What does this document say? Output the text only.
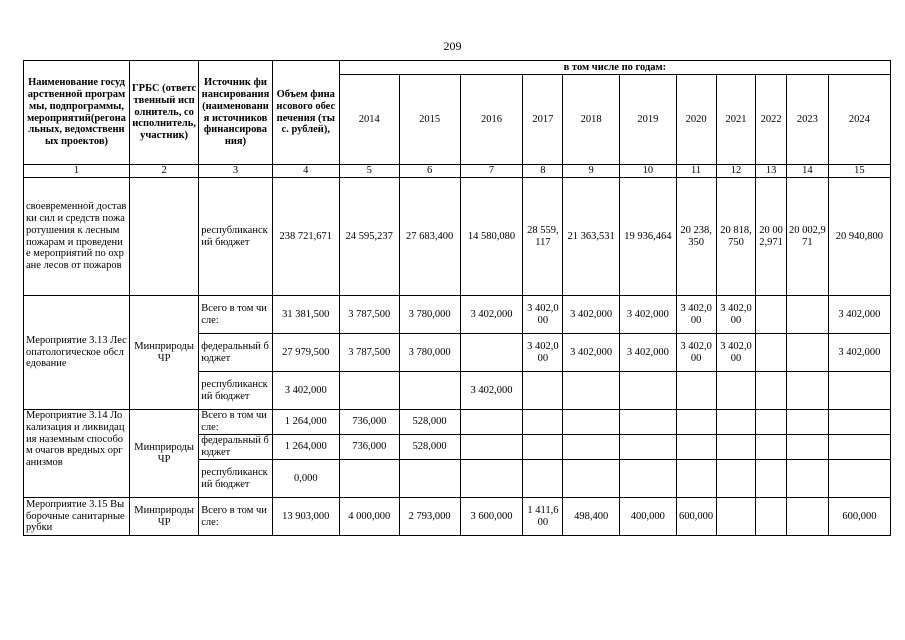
209
Наименование государственной программы, подпрограммы, мероприятий(регональных, ведомственных проектов)	ГРБС (ответственный исполнитель, соисполнитель, участник)	Источник финансирования (наименования источников финансирования)	Объем финансового обеспечения (тыс. рублей),	в том числе по годам:										
				2014	2015	2016	2017	2018	2019	2020	2021	2022	2023	2024
1	2	3	4	5	6	7	8	9	10	11	12	13	14	15
своевременной доставки сил и средств пожаротушения к лесным пожарам и проведение мероприятий по охране лесов от пожаров		республиканский бюджет	238 721,671	24 595,237	27 683,400	14 580,080	28 559,117	21 363,531	19 936,464	20 238,350	20 818,750	20 002,971	20 002,971	20 940,800
Мероприятие 3.13 Лесопатологическое обследование	Минприроды ЧР	Всего в том числе:	31 381,500	3 787,500	3 780,000	3 402,000	3 402,000	3 402,000	3 402,000	3 402,000	3 402,000			3 402,000
		федеральный бюджет	27 979,500	3 787,500	3 780,000		3 402,000	3 402,000	3 402,000	3 402,000	3 402,000			3 402,000
		республиканский бюджет	3 402,000			3 402,000								
Мероприятие 3.14 Локализация и ликвидация наземным способом очагов вредных организмов	Минприроды ЧР	Всего в том числе:	1 264,000	736,000	528,000									
		федеральный бюджет	1 264,000	736,000	528,000									
		республиканский бюджет	0,000											
Мероприятие 3.15 Выборочные санитарные рубки	Минприроды ЧР	Всего в том числе:	13 903,000	4 000,000	2 793,000	3 600,000	1 411,600	498,400	400,000	600,000				600,000
